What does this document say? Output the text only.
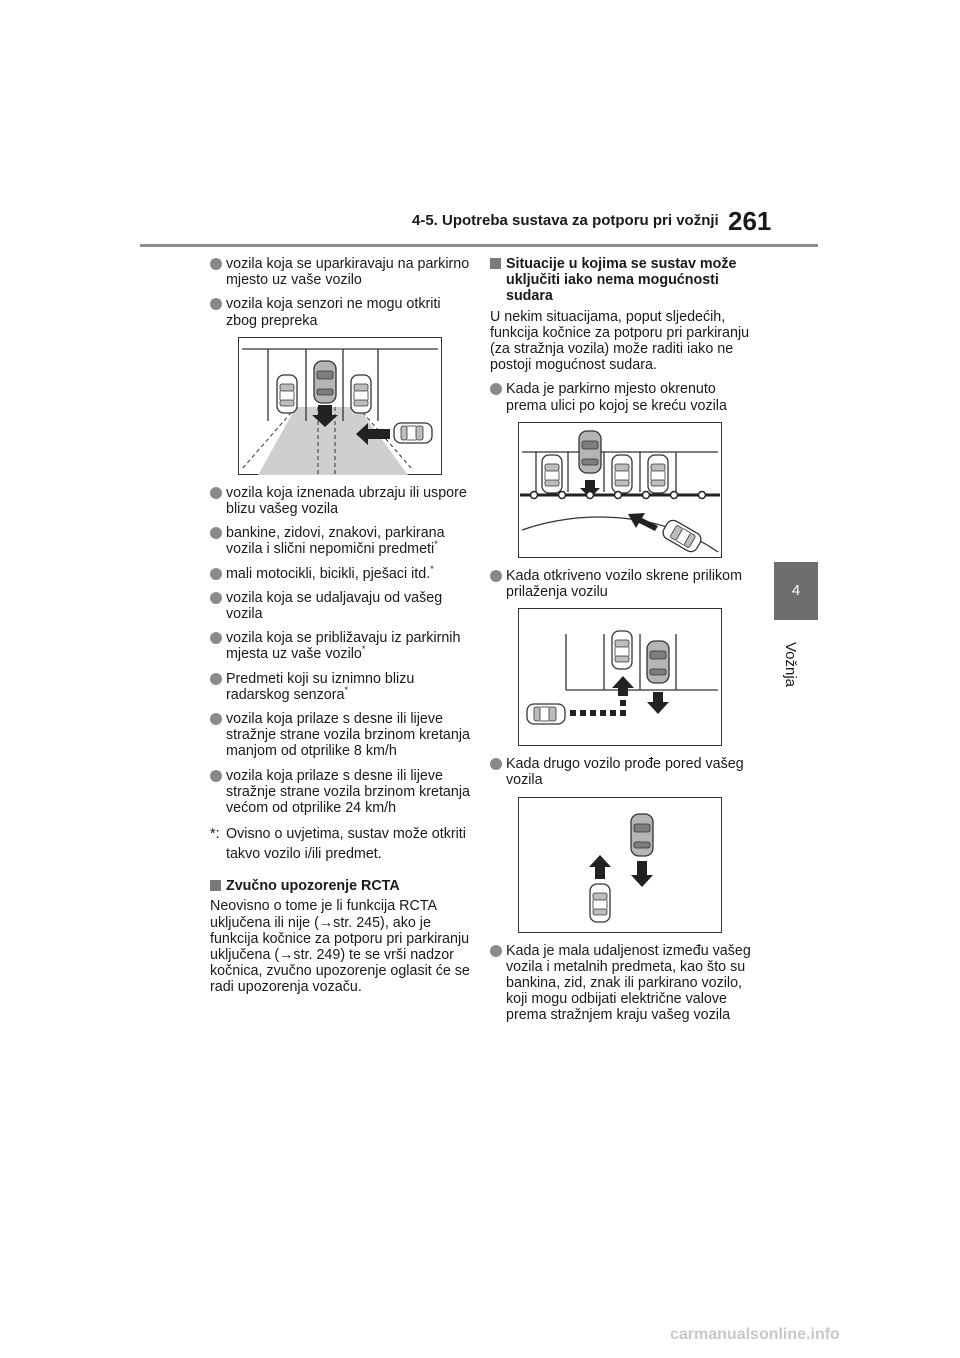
4-5. Upotreba sustava za potporu pri vožnji 261
4
Vožnja
vozila koja se uparkiravaju na parkirno mjesto uz vaše vozilo
vozila koja senzori ne mogu otkriti zbog prepreka
vozila koja iznenada ubrzaju ili uspore blizu vašeg vozila
bankine, zidovi, znakovi, parkirana vozila i slični nepomični predmeti*
mali motocikli, bicikli, pješaci itd.*
vozila koja se udaljavaju od vašeg vozila
vozila koja se približavaju iz parkirnih mjesta uz vaše vozilo*
Predmeti koji su iznimno blizu radarskog senzora*
vozila koja prilaze s desne ili lijeve stražnje strane vozila brzinom kretanja manjom od otprilike 8 km/h
vozila koja prilaze s desne ili lijeve stražnje strane vozila brzinom kretanja većom od otprilike 24 km/h
*: Ovisno o uvjetima, sustav može otkriti takvo vozilo i/ili predmet.
Zvučno upozorenje RCTA
Neovisno o tome je li funkcija RCTA uključena ili nije (→str. 245), ako je funkcija kočnice za potporu pri parkiranju uključena (→str. 249) te se vrši nadzor kočnica, zvučno upozorenje oglasit će se radi upozorenja vozaču.
Situacije u kojima se sustav može uključiti iako nema mogućnosti sudara
U nekim situacijama, poput sljedećih, funkcija kočnice za potporu pri parkiranju (za stražnja vozila) može raditi iako ne postoji mogućnost sudara.
Kada je parkirno mjesto okrenuto prema ulici po kojoj se kreću vozila
Kada otkriveno vozilo skrene prilikom prilaženja vozilu
Kada drugo vozilo prođe pored vašeg vozila
Kada je mala udaljenost između vašeg vozila i metalnih predmeta, kao što su bankina, zid, znak ili parkirano vozilo, koji mogu odbijati električne valove prema stražnjem kraju vašeg vozila
carmanualsonline.info
